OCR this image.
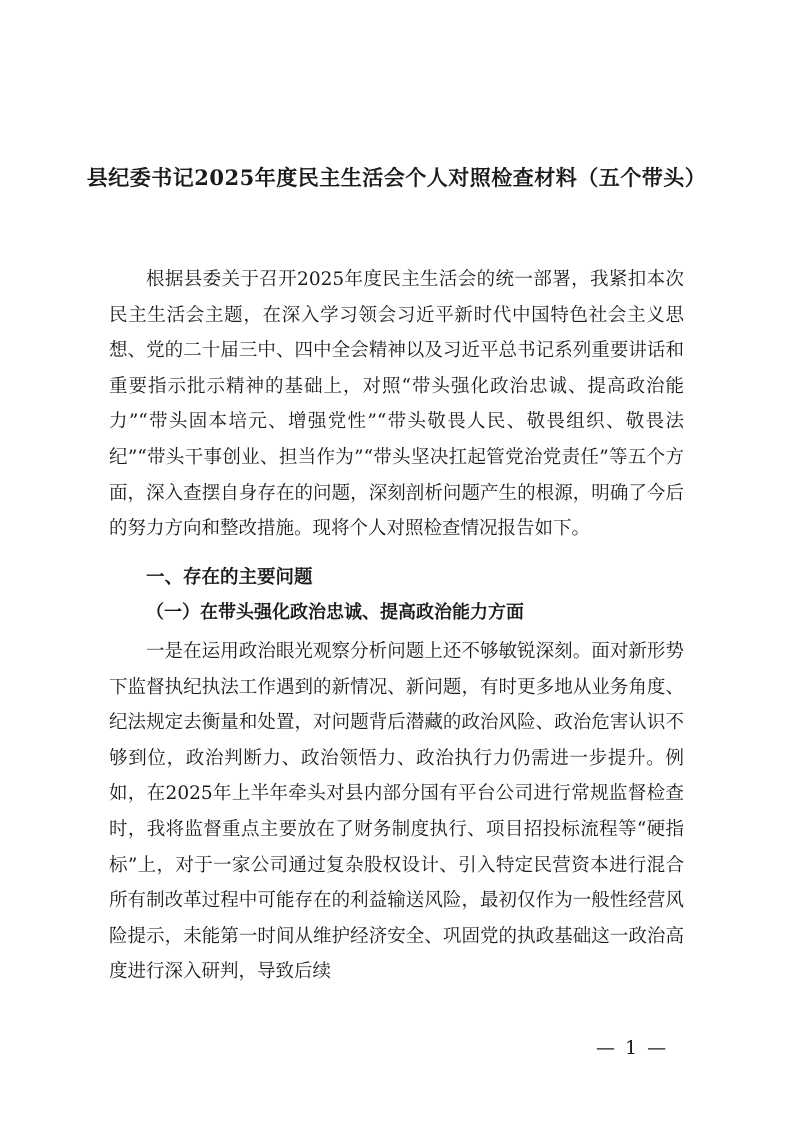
县纪委书记2025年度民主生活会个人对照检查材料（五个带头）

根据县委关于召开2025年度民主生活会的统一部署，我紧扣本次民主生活会主题，在深入学习领会习近平新时代中国特色社会主义思想、党的二十届三中、四中全会精神以及习近平总书记系列重要讲话和重要指示批示精神的基础上，对照“带头强化政治忠诚、提高政治能力”“带头固本培元、增强党性”“带头敬畏人民、敬畏组织、敬畏法纪”“带头干事创业、担当作为”“带头坚决扛起管党治党责任”等五个方面，深入查摆自身存在的问题，深刻剖析问题产生的根源，明确了今后的努力方向和整改措施。现将个人对照检查情况报告如下。

一、存在的主要问题
（一）在带头强化政治忠诚、提高政治能力方面

一是在运用政治眼光观察分析问题上还不够敏锐深刻。面对新形势下监督执纪执法工作遇到的新情况、新问题，有时更多地从业务角度、纪法规定去衡量和处置，对问题背后潜藏的政治风险、政治危害认识不够到位，政治判断力、政治领悟力、政治执行力仍需进一步提升。例如，在2025年上半年牵头对县内部分国有平台公司进行常规监督检查时，我将监督重点主要放在了财务制度执行、项目招投标流程等“硬指标”上，对于一家公司通过复杂股权设计、引入特定民营资本进行混合所有制改革过程中可能存在的利益输送风险，最初仅作为一般性经营风险提示，未能第一时间从维护经济安全、巩固党的执政基础这一政治高度进行深入研判，导致后续

— 1 —
